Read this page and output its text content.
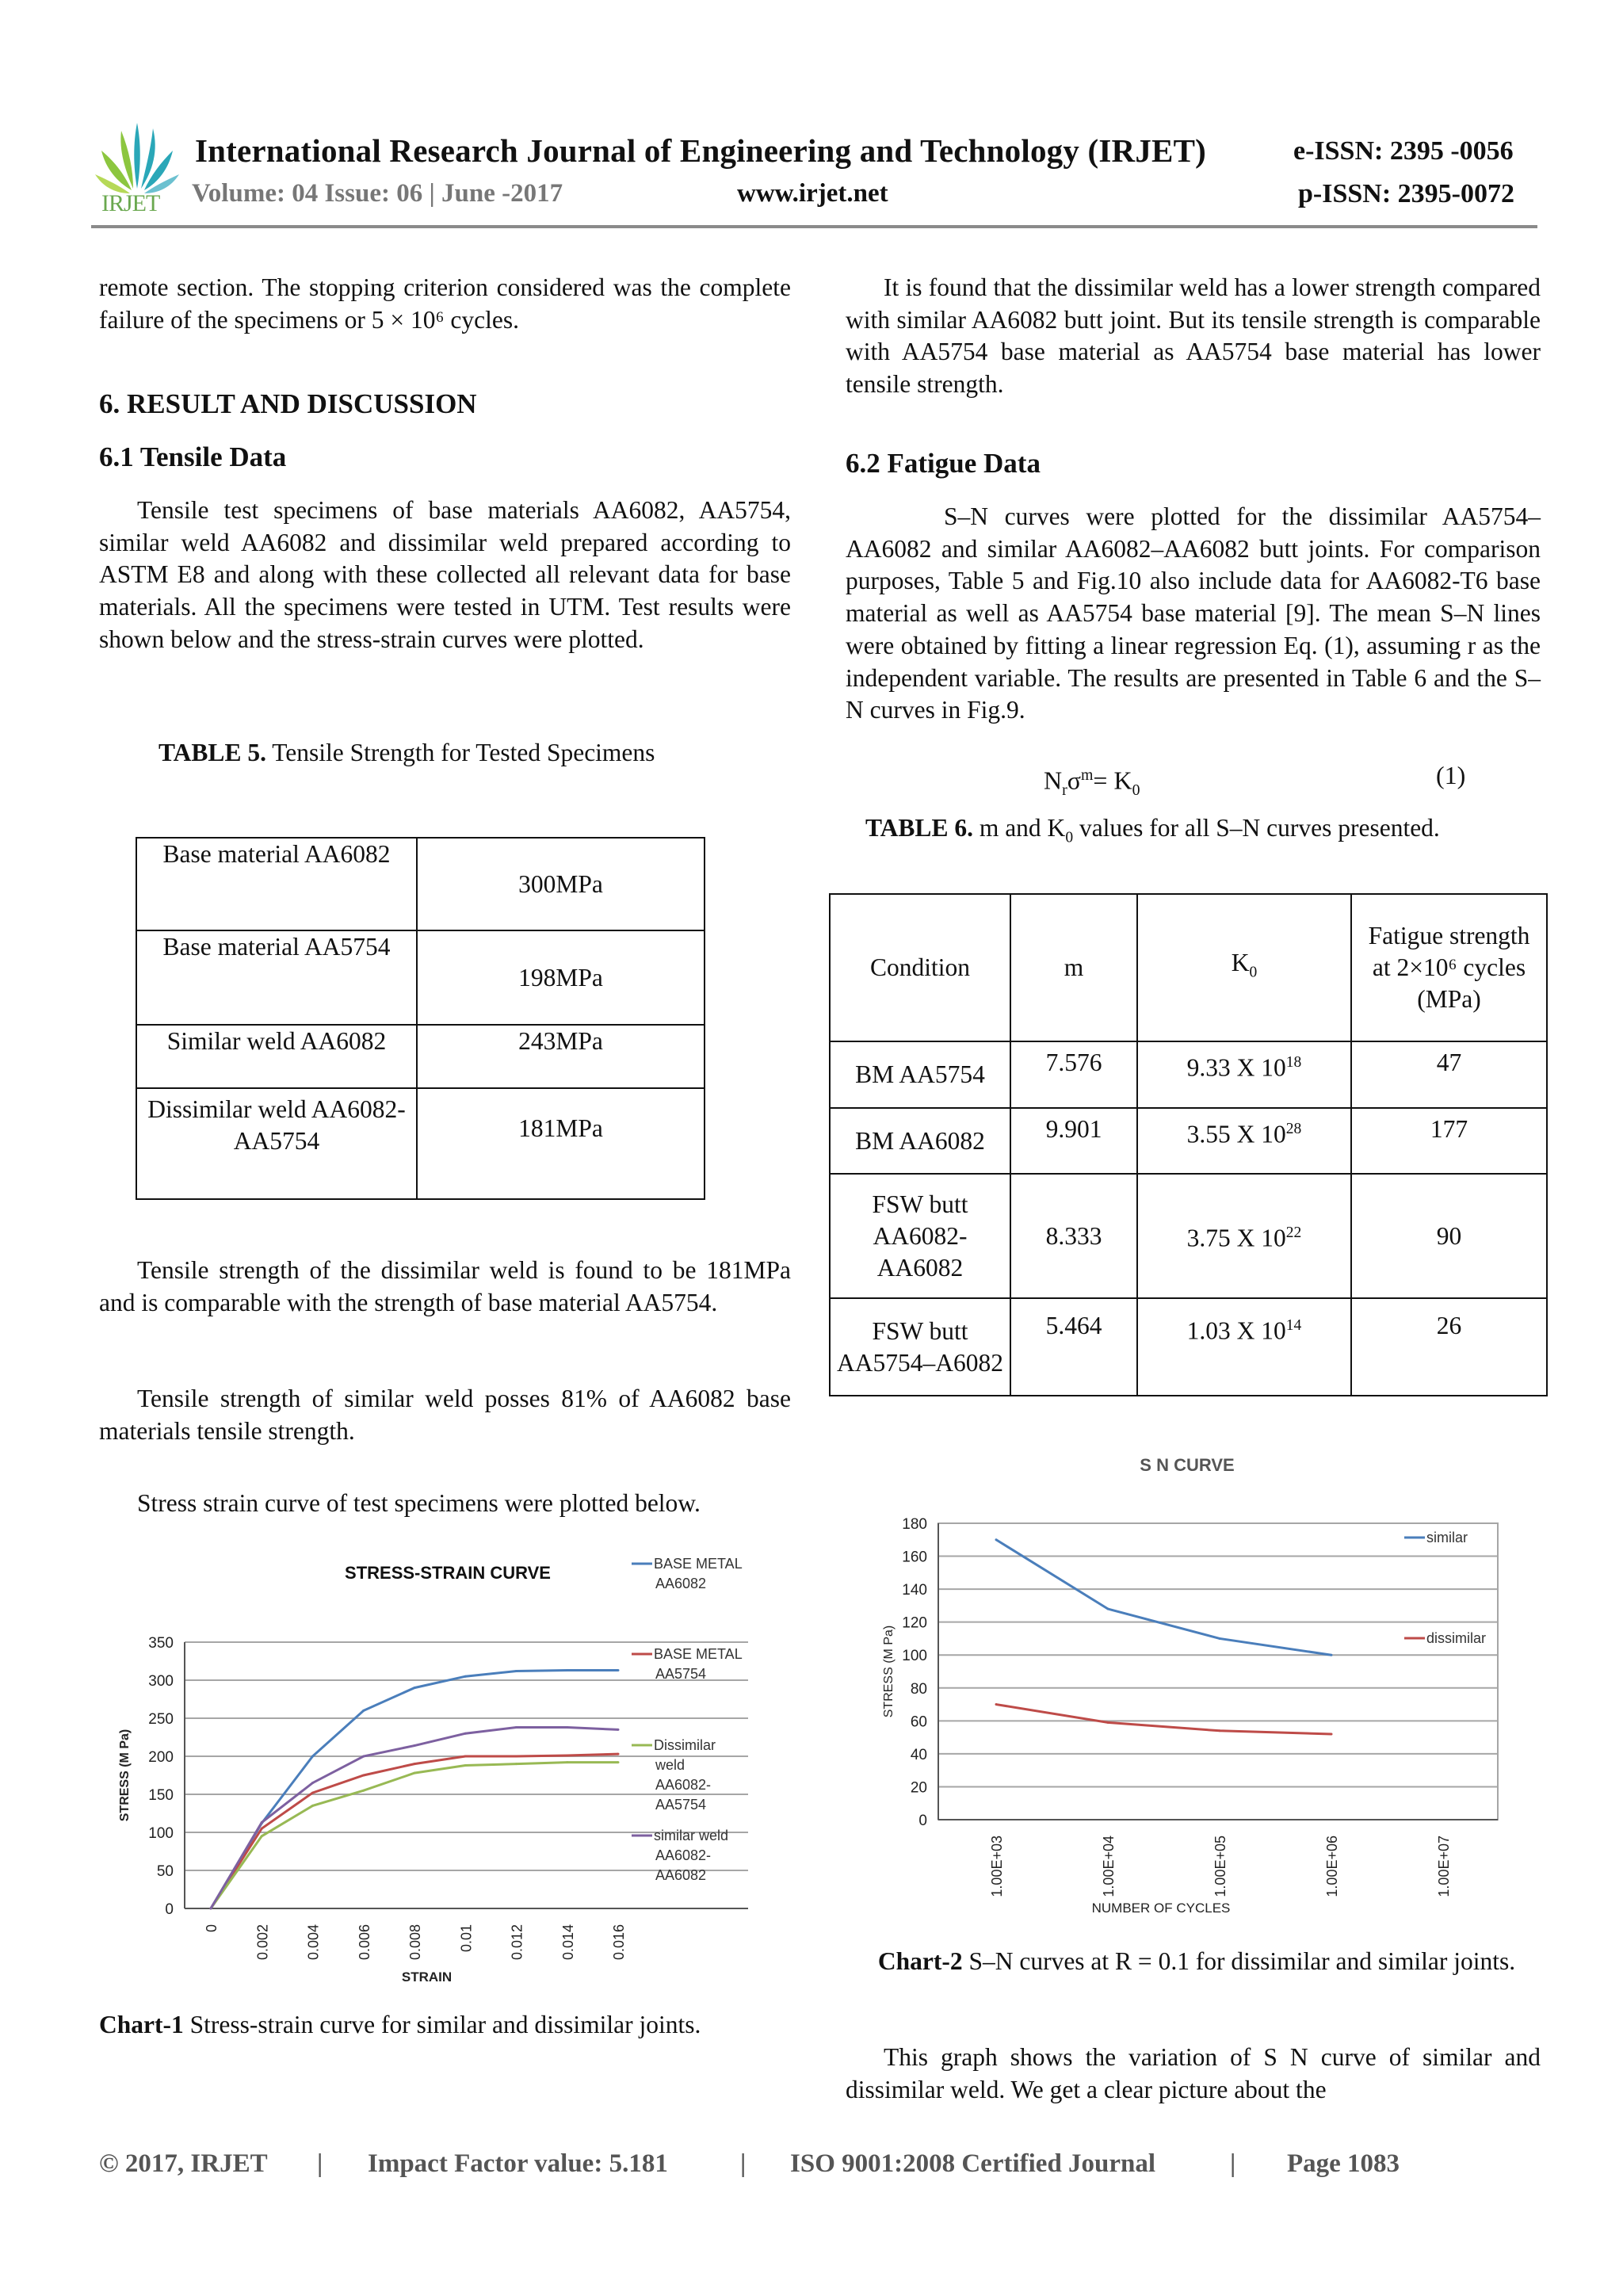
IRJET
International Research Journal of Engineering and Technology (IRJET)
Volume: 04 Issue: 06 | June -2017	www.irjet.net
e-ISSN: 2395 -0056
p-ISSN: 2395-0072
remote section. The stopping criterion considered was the complete failure of the specimens or 5 × 10⁶ cycles.
6. RESULT AND DISCUSSION
6.1 Tensile Data
Tensile test specimens of base materials AA6082, AA5754, similar weld AA6082 and dissimilar weld prepared according to ASTM E8 and along with these collected all relevant data for base materials. All the specimens were tested in UTM. Test results were shown below and the stress-strain curves were plotted.
TABLE 5. Tensile Strength for Tested Specimens
Base material AA6082	300MPa
Base material AA5754	198MPa
Similar weld AA6082	243MPa
Dissimilar weld AA6082-AA5754	181MPa
Tensile strength of the dissimilar weld is found to be 181MPa and is comparable with the strength of base material AA5754.
Tensile strength of similar weld posses 81% of AA6082 base materials tensile strength.
Stress strain curve of test specimens were plotted below.
STRESS-STRAIN CURVE
0
50
100
150
200
250
300
350
0 0.002 0.004 0.006 0.008 0.01 0.012 0.014 0.016
STRAIN
STRESS (M Pa)
BASE METAL
AA6082
BASE METAL
AA5754
Dissimilar
weld
AA6082-
AA5754
similar weld
AA6082-
AA6082
S N CURVE
0
20
40
60
80
100
120
140
160
180
1.00E+03	1.00E+04	1.00E+05	1.00E+06	1.00E+07
NUMBER OF CYCLES
STRESS (M Pa)
similar
dissimilar
Chart-1 Stress-strain curve for similar and dissimilar joints.
It is found that the dissimilar weld has a lower strength compared with similar AA6082 butt joint. But its tensile strength is comparable with AA5754 base material as AA5754 base material has lower tensile strength.
6.2 Fatigue Data
S–N curves were plotted for the dissimilar AA5754–AA6082 and similar AA6082–AA6082 butt joints. For comparison purposes, Table 5 and Fig.10 also include data for AA6082-T6 base material as well as AA5754 base material [9]. The mean S–N lines were obtained by fitting a linear regression Eq. (1), assuming r as the independent variable. The results are presented in Table 6 and the S–N curves in Fig.9.
$N_r\sigma^m= K_0$
(1)
TABLE 6. m and $K_0$ values for all S–N curves presented.
Condition	m	$K_0$	Fatigue strength at 2×10⁶ cycles (MPa)
BM AA5754	7.576	9.33 X $10^{18}$	47
BM AA6082	9.901	3.55 X $10^{28}$	177
FSW butt AA6082-AA6082	8.333	3.75 X $10^{22}$	90
FSW butt AA5754–A6082	5.464	1.03 X $10^{14}$	26
Chart-2 S–N curves at R = 0.1 for dissimilar and similar joints.
This graph shows the variation of S N curve of similar and dissimilar weld. We get a clear picture about the
© 2017, IRJET | Impact Factor value: 5.181	| ISO 9001:2008 Certified Journal	| Page 1083
